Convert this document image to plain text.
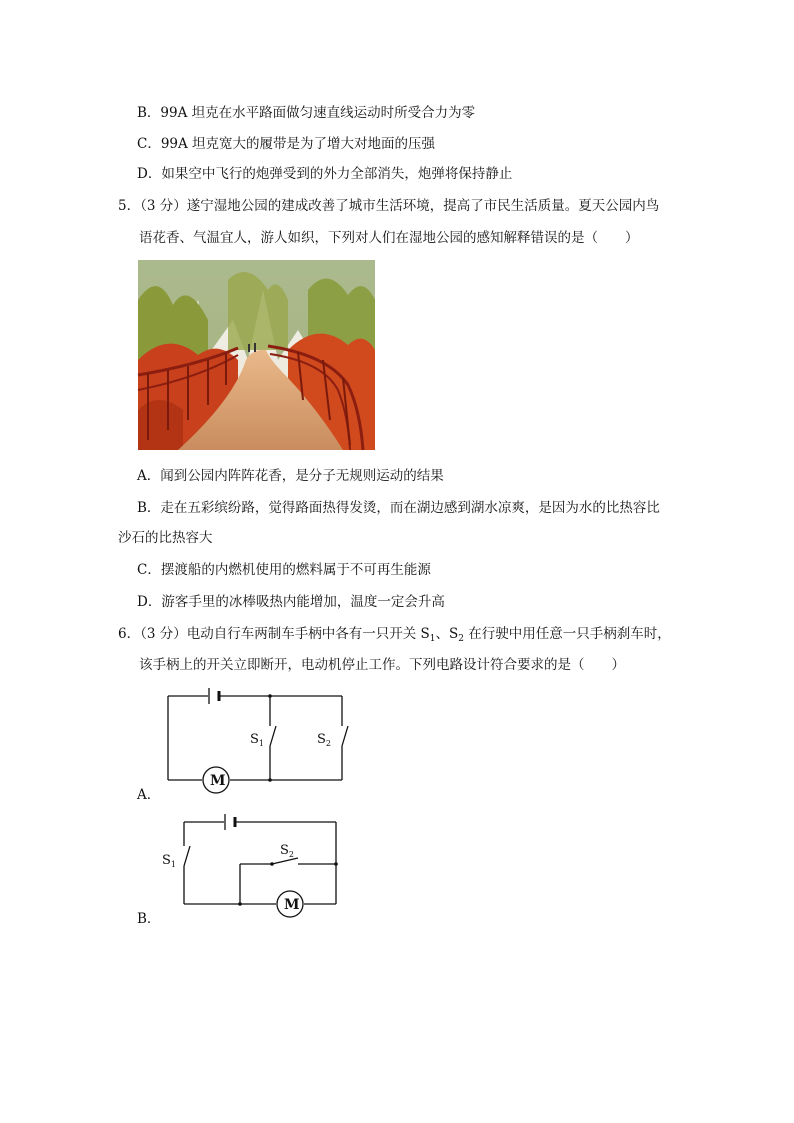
B．99A 坦克在水平路面做匀速直线运动时所受合力为零
C．99A 坦克宽大的履带是为了增大对地面的压强
D．如果空中飞行的炮弹受到的外力全部消失，炮弹将保持静止
5．（3 分）遂宁湿地公园的建成改善了城市生活环境，提高了市民生活质量。夏天公园内鸟
语花香、气温宜人，游人如织，下列对人们在湿地公园的感知解释错误的是（　　）
A．闻到公园内阵阵花香，是分子无规则运动的结果
B．走在五彩缤纷路，觉得路面热得发烫，而在湖边感到湖水凉爽，是因为水的比热容比
沙石的比热容大
C．摆渡船的内燃机使用的燃料属于不可再生能源
D．游客手里的冰棒吸热内能增加，温度一定会升高
6．（3 分）电动自行车两制车手柄中各有一只开关 $S_1$、$S_2$ 在行驶中用任意一只手柄刹车时，
该手柄上的开关立即断开，电动机停止工作。下列电路设计符合要求的是（　　）
M
$S_1$	$S_2$
A．
M
$S_1$
$S_2$
B．
